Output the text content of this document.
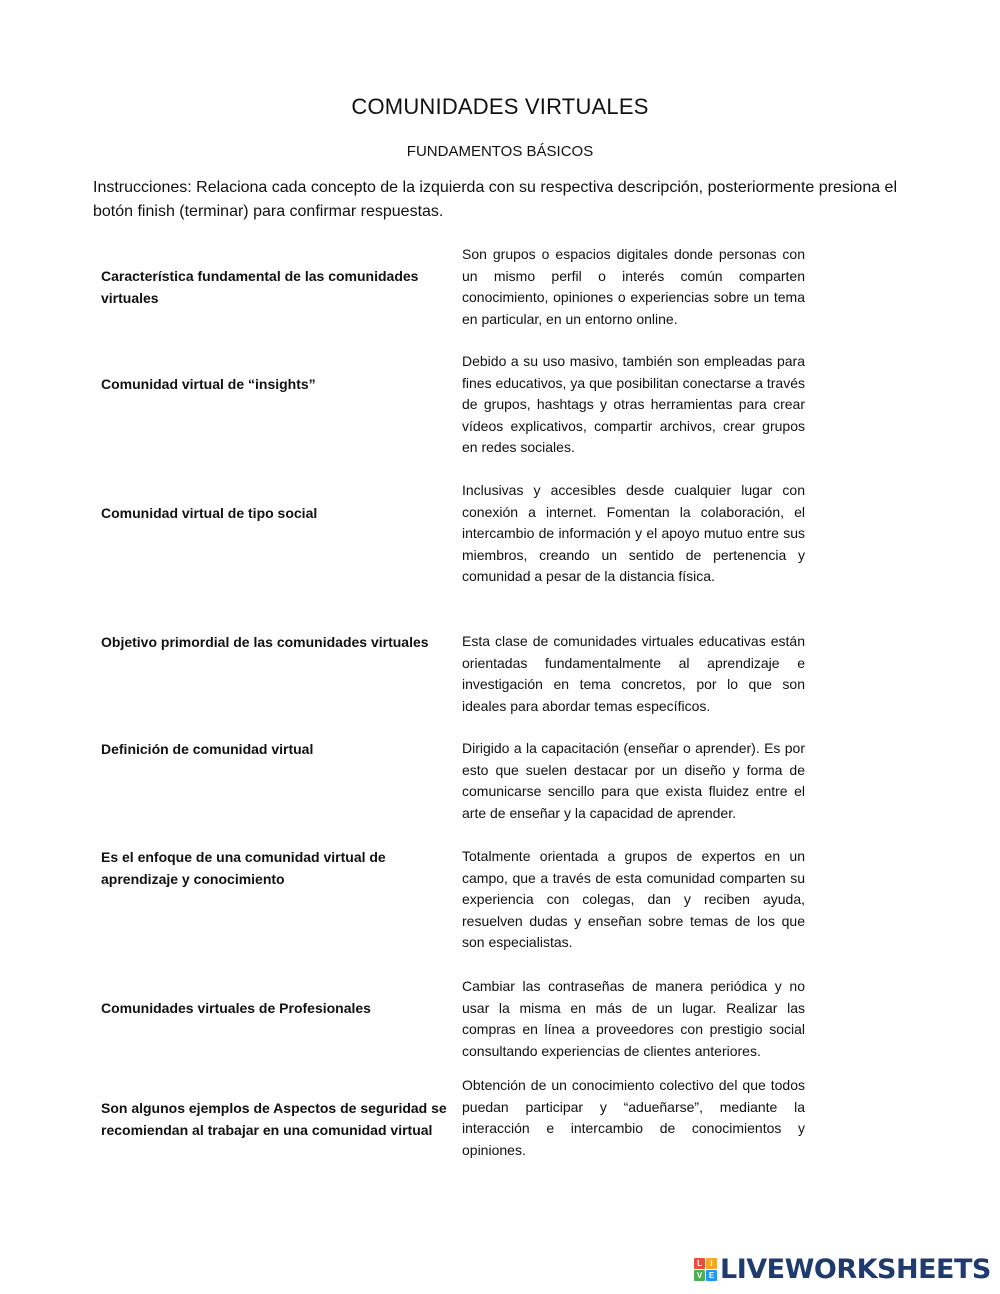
COMUNIDADES VIRTUALES
FUNDAMENTOS BÁSICOS
Instrucciones: Relaciona cada concepto de la izquierda con su respectiva descripción, posteriormente presiona el botón finish (terminar) para confirmar respuestas.
Característica fundamental de las comunidades virtuales
Comunidad virtual de “insights”
Comunidad virtual de tipo social
Objetivo primordial de las comunidades virtuales
Definición de comunidad virtual
Es el enfoque de una comunidad virtual de aprendizaje y conocimiento
Comunidades virtuales de Profesionales
Son algunos ejemplos de Aspectos de seguridad se recomiendan al trabajar en una comunidad virtual
Son grupos o espacios digitales donde personas con un mismo perfil o interés común comparten conocimiento, opiniones o experiencias sobre un tema en particular, en un entorno online.
Debido a su uso masivo, también son empleadas para fines educativos, ya que posibilitan conectarse a través de grupos, hashtags y otras herramientas para crear vídeos explicativos, compartir archivos, crear grupos en redes sociales.
Inclusivas y accesibles desde cualquier lugar con conexión a internet. Fomentan la colaboración, el intercambio de información y el apoyo mutuo entre sus miembros, creando un sentido de pertenencia y comunidad a pesar de la distancia física.
Esta clase de comunidades virtuales educativas están orientadas fundamentalmente al aprendizaje e investigación en tema concretos, por lo que son ideales para abordar temas específicos.
Dirigido a la capacitación (enseñar o aprender). Es por esto que suelen destacar por un diseño y forma de comunicarse sencillo para que exista fluidez entre el arte de enseñar y la capacidad de aprender.
Totalmente orientada a grupos de expertos en un campo, que a través de esta comunidad comparten su experiencia con colegas, dan y reciben ayuda, resuelven dudas y enseñan sobre temas de los que son especialistas.
Cambiar las contraseñas de manera periódica y no usar la misma en más de un lugar. Realizar las compras en línea a proveedores con prestigio social consultando experiencias de clientes anteriores.
Obtención de un conocimiento colectivo del que todos puedan participar y “adueñarse”, mediante la interacción e intercambio de conocimientos y opiniones.
L	I
V E LIVEWORKSHEETS
